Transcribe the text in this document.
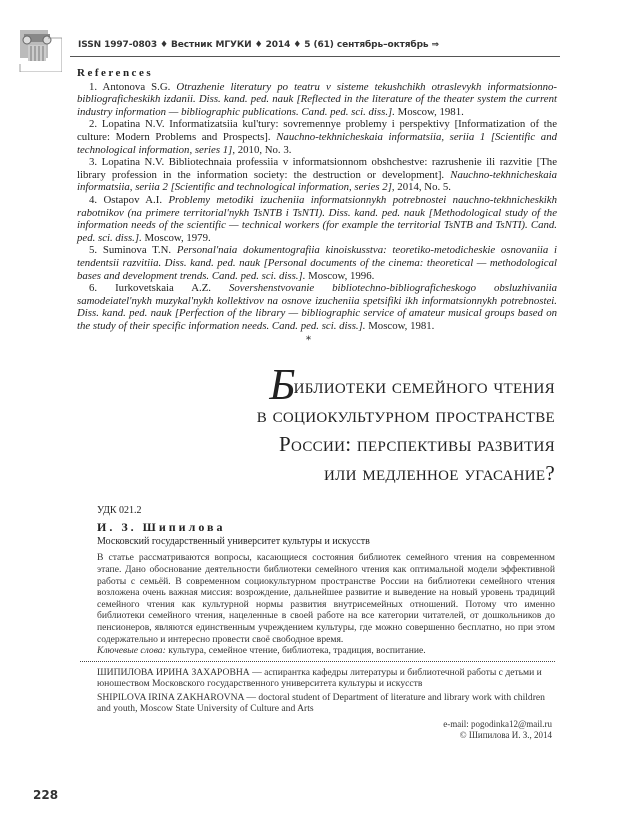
ISSN 1997-0803 ♦ Вестник МГУКИ ♦ 2014 ♦ 5 (61) сентябрь–октябрь ⇒
References
1. Antonova S.G. Otrazhenie literatury po teatru v sisteme tekushchikh otraslevykh informatsionno-bibliograficheskikh izdanii. Diss. kand. ped. nauk [Reflected in the literature of the theater system the current industry information — bibliographic publications. Cand. ped. sci. diss.]. Moscow, 1981.
2. Lopatina N.V. Informatizatsiia kul'tury: sovremennye problemy i perspektivy [Informatization of the culture: Modern Problems and Prospects]. Nauchno-tekhnicheskaia informatsiia, seriia 1 [Scientific and technological information, series 1], 2010, No. 3.
3. Lopatina N.V. Bibliotechnaia professiia v informatsionnom obshchestve: razrushenie ili razvitie [The library profession in the information society: the destruction or development]. Nauchno-tekhnicheskaia informatsiia, seriia 2 [Scientific and technological information, series 2], 2014, No. 5.
4. Ostapov A.I. Problemy metodiki izucheniia informatsionnykh potrebnostei nauchno-tekhnicheskikh rabotnikov (na primere territorial'nykh TsNTB i TsNTI). Diss. kand. ped. nauk [Methodological study of the information needs of the scientific — technical workers (for example the territorial TsNTB and TsNTI). Cand. ped. sci. diss.]. Moscow, 1979.
5. Suminova T.N. Personal'naia dokumentografiia kinoiskusstva: teoretiko-metodicheskie osnovaniia i tendentsii razvitiia. Diss. kand. ped. nauk [Personal documents of the cinema: theoretical — methodological bases and development trends. Cand. ped. sci. diss.]. Moscow, 1996.
6. Iurkovetskaia A.Z. Sovershenstvovanie bibliotechno-bibliograficheskogo obsluzhivaniia samodeiatel'nykh muzykal'nykh kollektivov na osnove izucheniia spetsifiki ikh informatsionnykh potrebnostei. Diss. kand. ped. nauk [Perfection of the library — bibliographic service of amateur musical groups based on the study of their specific information needs. Cand. ped. sci. diss.]. Moscow, 1981.
*
Библиотеки семейного чтения
в социокультурном пространстве
России: перспективы развития
или медленное угасание?
УДК 021.2
И. З. Шипилова
Московский государственный университет культуры и искусств
В статье рассматриваются вопросы, касающиеся состояния библиотек семейного чтения на современном этапе. Дано обоснование деятельности библиотеки семейного чтения как оптимальной модели эффективной работы с семьёй. В современном социокультурном пространстве России на библиотеки семейного чтения возложена очень важная миссия: возрождение, дальнейшее развитие и выведение на новый уровень традиций семейного чтения как культурной нормы развития внутрисемейных отношений. Потому что именно библиотеки семейного чтения, нацеленные в своей работе на все категории читателей, от дошкольников до пенсионеров, являются единственным учреждением культуры, где можно совершенно бесплатно, но при этом содержательно и интересно провести своё свободное время.
Ключевые слова: культура, семейное чтение, библиотека, традиция, воспитание.

ШИПИЛОВА ИРИНА ЗАХАРОВНА — аспирантка кафедры литературы и библиотечной работы с детьми и юношеством Московского государственного университета культуры и искусств

SHIPILOVA IRINA ZAKHAROVNA — doctoral student of Department of literature and library work with children and youth, Moscow State University of Culture and Arts

e-mail: pogodinka12@mail.ru
© Шипилова И. З., 2014
228
